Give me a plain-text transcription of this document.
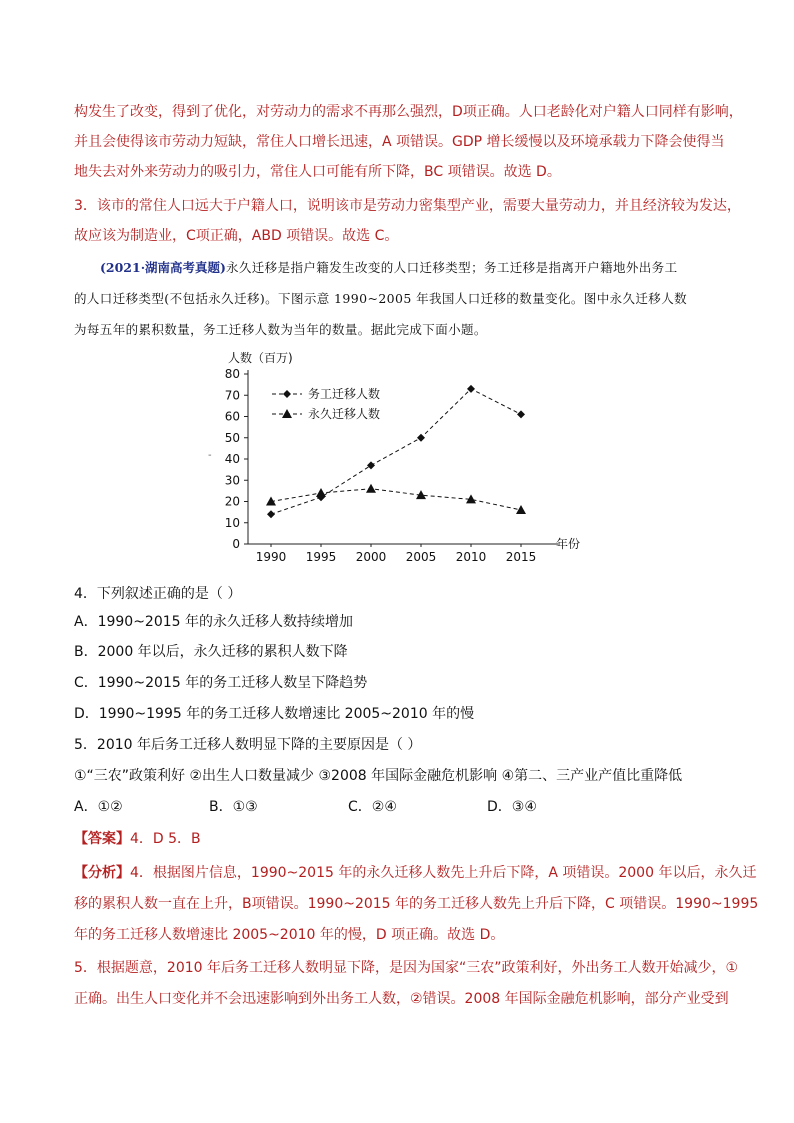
构发生了改变，得到了优化，对劳动力的需求不再那么强烈，D项正确。人口老龄化对户籍人口同样有影响，
并且会使得该市劳动力短缺，常住人口增长迅速，A 项错误。GDP 增长缓慢以及环境承载力下降会使得当
地失去对外来劳动力的吸引力，常住人口可能有所下降，BC 项错误。故选 D。
3．该市的常住人口远大于户籍人口，说明该市是劳动力密集型产业，需要大量劳动力，并且经济较为发达，
故应该为制造业，C项正确，ABD 项错误。故选 C。
(2021·湖南高考真题)永久迁移是指户籍发生改变的人口迁移类型；务工迁移是指离开户籍地外出务工
的人口迁移类型(不包括永久迁移)。下图示意 1990~2005 年我国人口迁移的数量变化。图中永久迁移人数
为每五年的累积数量，务工迁移人数为当年的数量。据此完成下面小题。
-
0
10
20
30
40
50
60
70
80
1990 1995 2000 2005 2010 2015
人数（百万)
年份
务工迁移人数
永久迁移人数
4．下列叙述正确的是（ ）
A．1990~2015 年的永久迁移人数持续增加
B．2000 年以后，永久迁移的累积人数下降
C．1990~2015 年的务工迁移人数呈下降趋势
D．1990~1995 年的务工迁移人数增速比 2005~2010 年的慢
5．2010 年后务工迁移人数明显下降的主要原因是（ ）
①“三农”政策利好 ②出生人口数量减少 ③2008 年国际金融危机影响 ④第二、三产业产值比重降低
A．①②	B．①③	C．②④	D．③④
【答案】4．D 5．B
【分析】4．根据图片信息，1990~2015 年的永久迁移人数先上升后下降，A 项错误。2000 年以后，永久迁
移的累积人数一直在上升，B项错误。1990~2015 年的务工迁移人数先上升后下降，C 项错误。1990~1995
年的务工迁移人数增速比 2005~2010 年的慢，D 项正确。故选 D。
5．根据题意，2010 年后务工迁移人数明显下降，是因为国家“三农”政策利好，外出务工人数开始减少，①
正确。出生人口变化并不会迅速影响到外出务工人数，②错误。2008 年国际金融危机影响，部分产业受到
